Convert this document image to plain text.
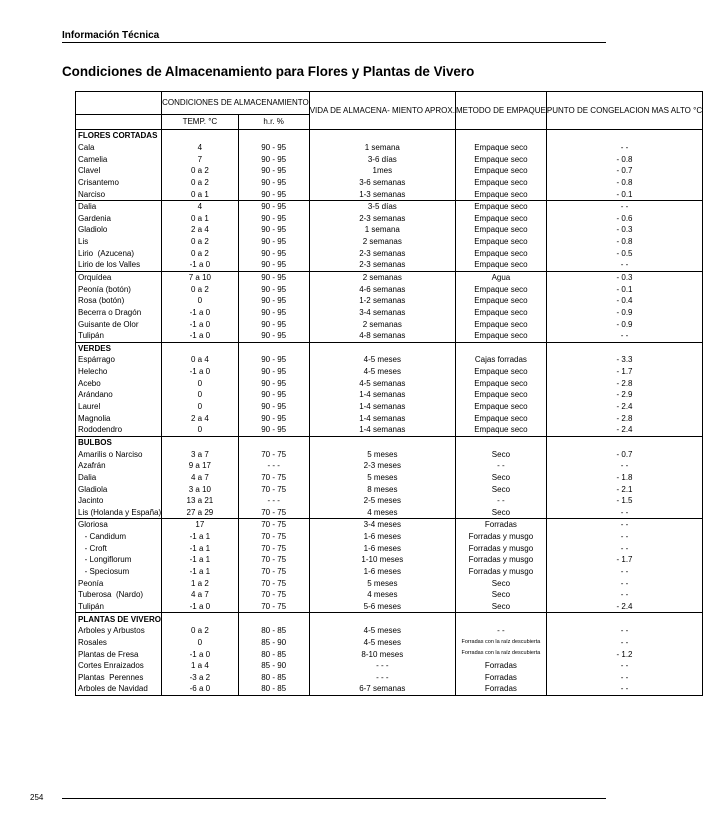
Información Técnica
Condiciones de Almacenamiento para Flores y Plantas de Vivero
	CONDICIONES DE ALMACENAMIENTO		VIDA DE ALMACENA- MIENTO APROX.	METODO DE EMPAQUE	PUNTO DE CONGELACION MAS ALTO °C
	TEMP. °C	h.r. %			
FLORES CORTADAS					
Cala	4	90 - 95	1 semana	Empaque seco	- -
Camelia	7	90 - 95	3-6 días	Empaque seco	- 0.8
Clavel	0 a 2	90 - 95	1mes	Empaque seco	- 0.7
Crisantemo	0 a 2	90 - 95	3-6 semanas	Empaque seco	- 0.8
Narciso	0 a 1	90 - 95	1-3 semanas	Empaque seco	- 0.1
Dalia	4	90 - 95	3-5 días	Empaque seco	- -
Gardenia	0 a 1	90 - 95	2-3 semanas	Empaque seco	- 0.6
Gladiolo	2 a 4	90 - 95	1 semana	Empaque seco	- 0.3
Lis	0 a 2	90 - 95	2 semanas	Empaque seco	- 0.8
Lirio  (Azucena)	0 a 2	90 - 95	2-3 semanas	Empaque seco	- 0.5
Lirio de los Valles	-1 a 0	90 - 95	2-3 semanas	Empaque seco	- -
Orquídea	7 a 10	90 - 95	2 semanas	Agua	- 0.3
Peonía (botón)	0 a 2	90 - 95	4-6 semanas	Empaque seco	- 0.1
Rosa (botón)	0	90 - 95	1-2 semanas	Empaque seco	- 0.4
Becerra o Dragón	-1 a 0	90 - 95	3-4 semanas	Empaque seco	- 0.9
Guisante de Olor	-1 a 0	90 - 95	2 semanas	Empaque seco	- 0.9
Tulipán	-1 a 0	90 - 95	4-8 semanas	Empaque seco	- -
VERDES					
Espárrago	0 a 4	90 - 95	4-5 meses	Cajas forradas	- 3.3
Helecho	-1 a 0	90 - 95	4-5 meses	Empaque seco	- 1.7
Acebo	0	90 - 95	4-5 semanas	Empaque seco	- 2.8
Arándano	0	90 - 95	1-4 semanas	Empaque seco	- 2.9
Laurel	0	90 - 95	1-4 semanas	Empaque seco	- 2.4
Magnolia	2 a 4	90 - 95	1-4 semanas	Empaque seco	- 2.8
Rododendro	0	90 - 95	1-4 semanas	Empaque seco	- 2.4
BULBOS					
Amarilis o Narciso	3 a 7	70 - 75	5 meses	Seco	- 0.7
Azafrán	9 a 17	- - -	2-3 meses	- -	- -
Dalia	4 a 7	70 - 75	5 meses	Seco	- 1.8
Gladiola	3 a 10	70 - 75	8 meses	Seco	- 2.1
Jacinto	13 a 21	- - -	2-5 meses	- -	- 1.5
Lis (Holanda y España)	27 a 29	70 - 75	4 meses	Seco	- -
Gloriosa	17	70 - 75	3-4 meses	Forradas	- -
- Candidum	-1 a 1	70 - 75	1-6 meses	Forradas y musgo	- -
- Croft	-1 a 1	70 - 75	1-6 meses	Forradas y musgo	- -
- Longiflorum	-1 a 1	70 - 75	1-10 meses	Forradas y musgo	- 1.7
- Speciosum	-1 a 1	70 - 75	1-6 meses	Forradas y musgo	- -
Peonía	1 a 2	70 - 75	5 meses	Seco	- -
Tuberosa  (Nardo)	4 a 7	70 - 75	4 meses	Seco	- -
Tulipán	-1 a 0	70 - 75	5-6 meses	Seco	- 2.4
PLANTAS DE VIVERO					
Arboles y Arbustos	0 a 2	80 - 85	4-5 meses	- -	- -
Rosales	0	85 - 90	4-5 meses	Forradas con la raíz descubierta	- -
Plantas de Fresa	-1 a 0	80 - 85	8-10 meses	Forradas con la raíz descubierta	- 1.2
Cortes Enraizados	1 a 4	85 - 90	- - -	Forradas	- -
Plantas  Perennes	-3 a 2	80 - 85	- - -	Forradas	- -
Arboles de Navidad	-6 a 0	80 - 85	6-7 semanas	Forradas	- -
254
